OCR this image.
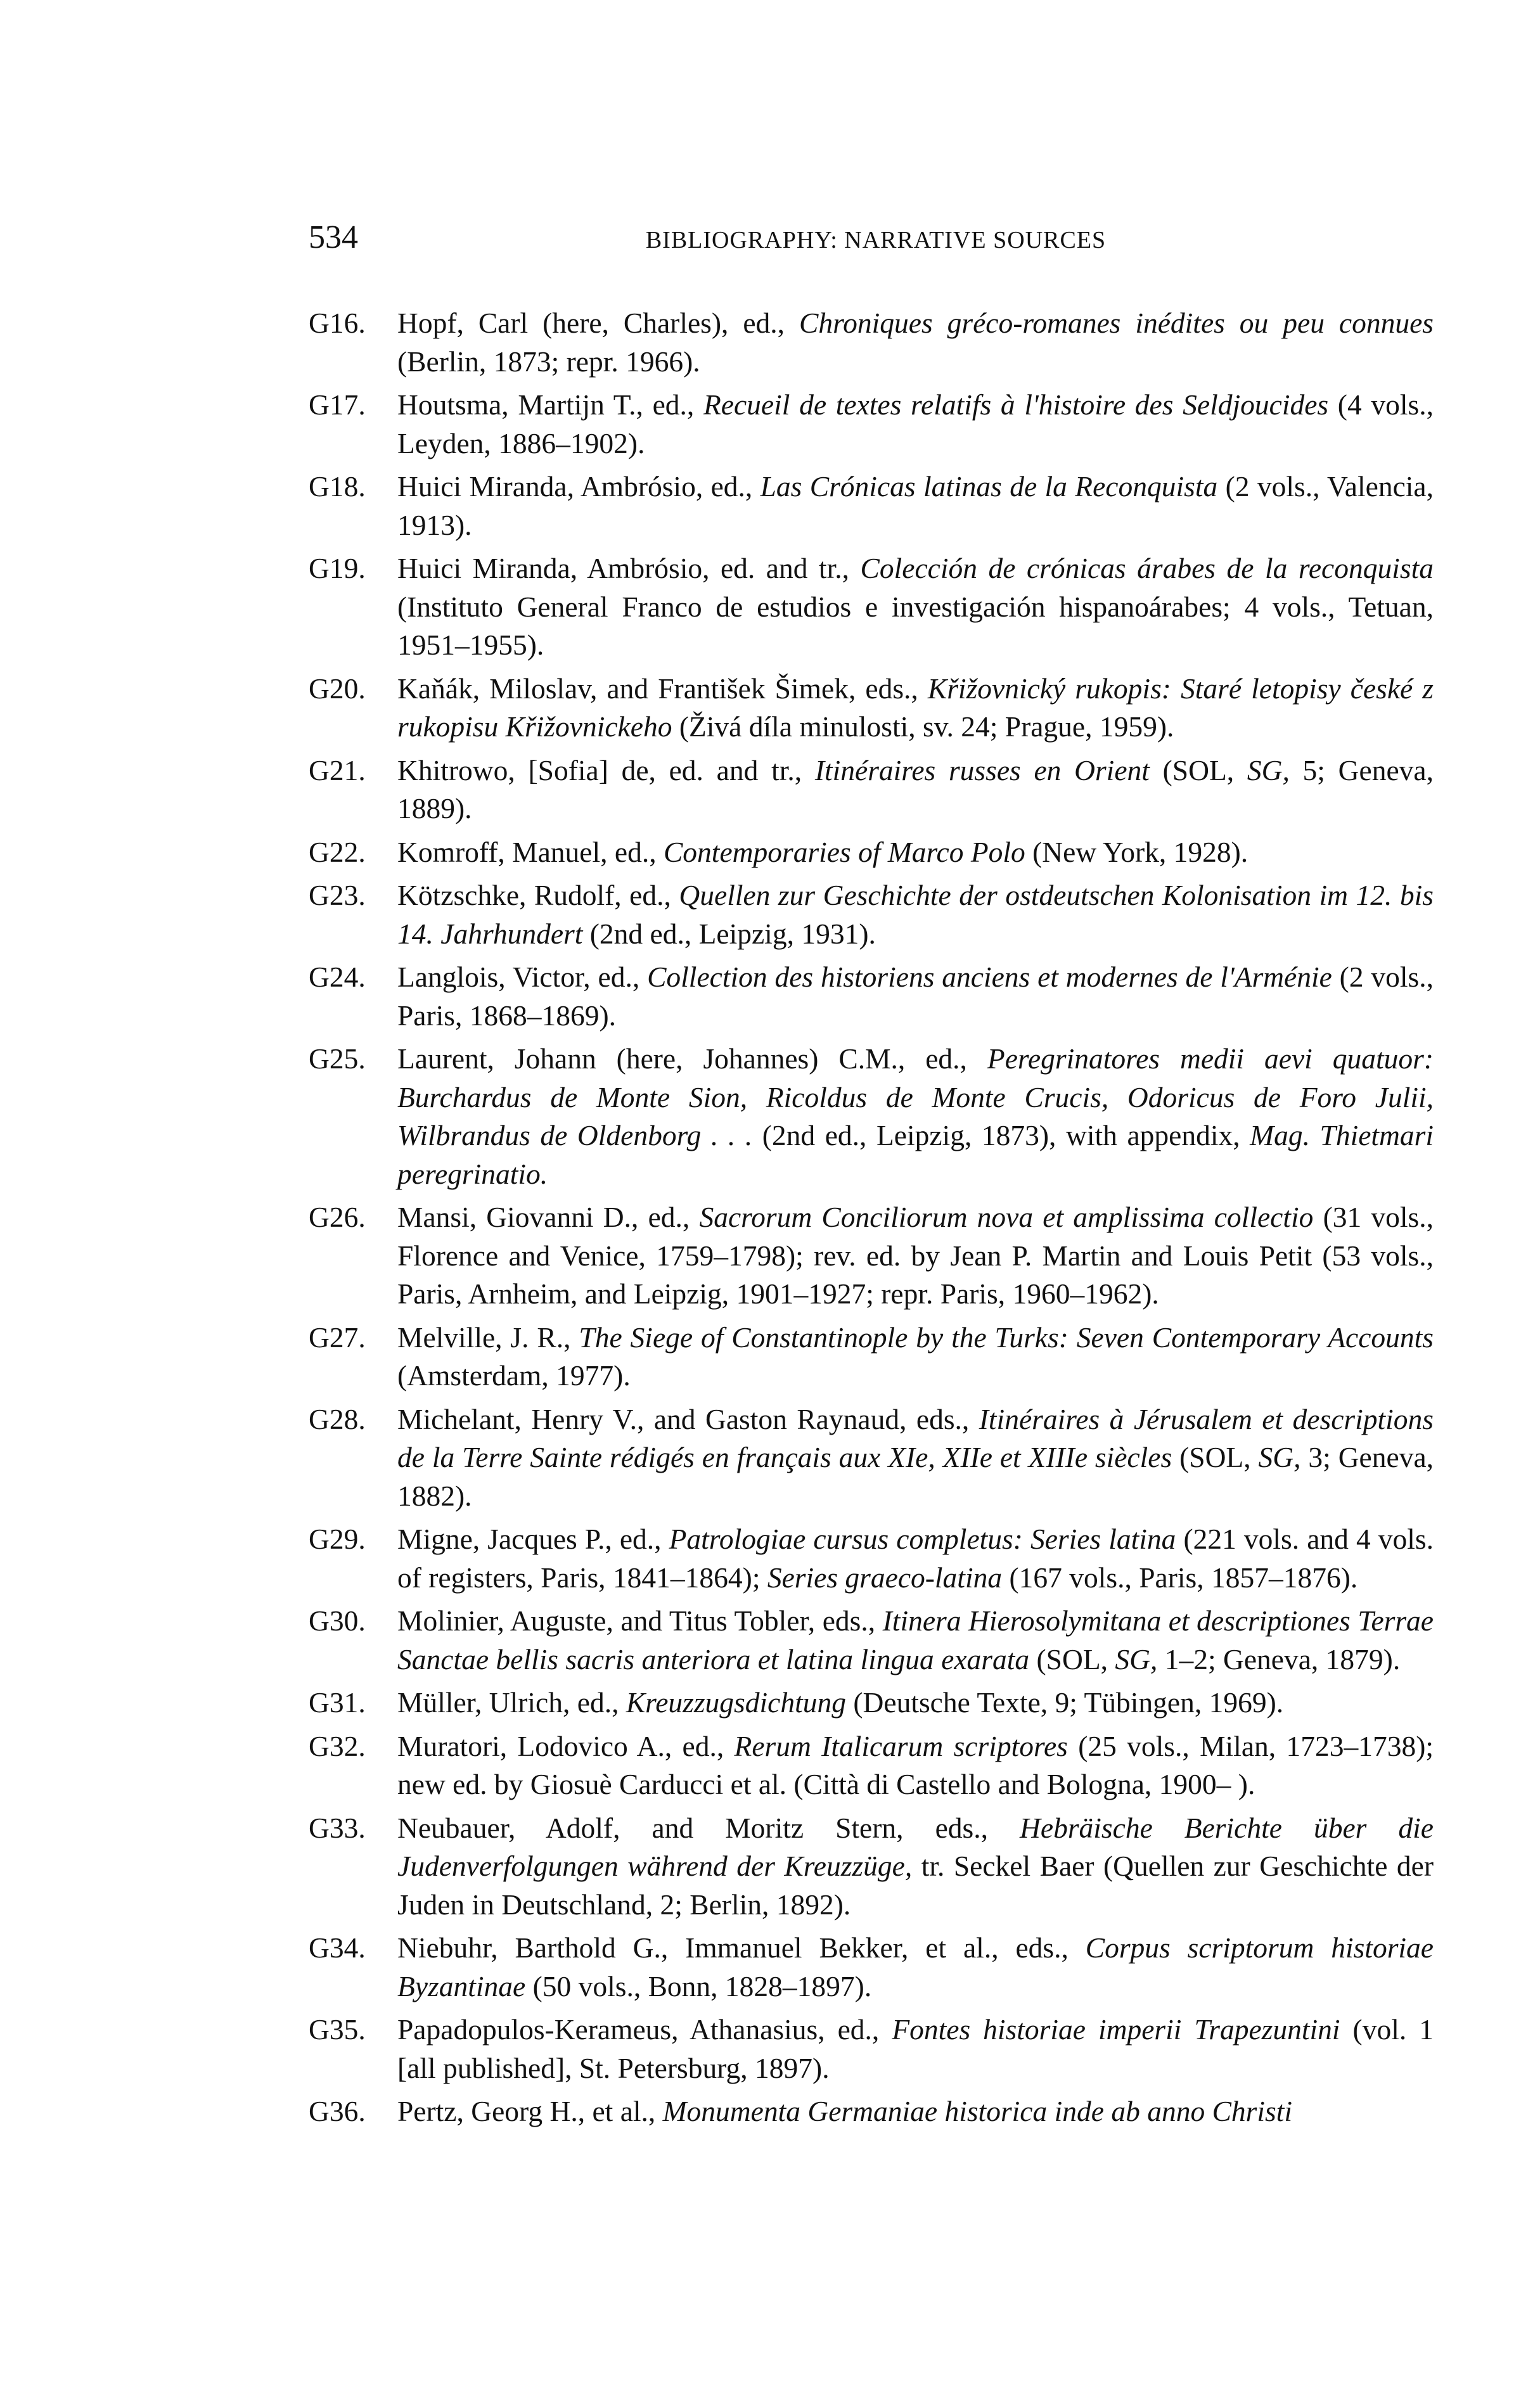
534	BIBLIOGRAPHY: NARRATIVE SOURCES
G16. Hopf, Carl (here, Charles), ed., Chroniques gréco-romanes inédites ou peu connues (Berlin, 1873; repr. 1966).
G17. Houtsma, Martijn T., ed., Recueil de textes relatifs à l'histoire des Seldjoucides (4 vols., Leyden, 1886–1902).
G18. Huici Miranda, Ambrósio, ed., Las Crónicas latinas de la Reconquista (2 vols., Valencia, 1913).
G19. Huici Miranda, Ambrósio, ed. and tr., Colección de crónicas árabes de la reconquista (Instituto General Franco de estudios e investigación hispanoárabes; 4 vols., Tetuan, 1951–1955).
G20. Kaňák, Miloslav, and František Šimek, eds., Křižovnický rukopis: Staré letopisy české z rukopisu Křižovnickeho (Živá díla minulosti, sv. 24; Prague, 1959).
G21. Khitrowo, [Sofia] de, ed. and tr., Itinéraires russes en Orient (SOL, SG, 5; Geneva, 1889).
G22. Komroff, Manuel, ed., Contemporaries of Marco Polo (New York, 1928).
G23. Kötzschke, Rudolf, ed., Quellen zur Geschichte der ostdeutschen Kolonisation im 12. bis 14. Jahrhundert (2nd ed., Leipzig, 1931).
G24. Langlois, Victor, ed., Collection des historiens anciens et modernes de l'Arménie (2 vols., Paris, 1868–1869).
G25. Laurent, Johann (here, Johannes) C.M., ed., Peregrinatores medii aevi quatuor: Burchardus de Monte Sion, Ricoldus de Monte Crucis, Odoricus de Foro Julii, Wilbrandus de Oldenborg . . . (2nd ed., Leipzig, 1873), with appendix, Mag. Thietmari peregrinatio.
G26. Mansi, Giovanni D., ed., Sacrorum Conciliorum nova et amplissima collectio (31 vols., Florence and Venice, 1759–1798); rev. ed. by Jean P. Martin and Louis Petit (53 vols., Paris, Arnheim, and Leipzig, 1901–1927; repr. Paris, 1960–1962).
G27. Melville, J. R., The Siege of Constantinople by the Turks: Seven Contemporary Accounts (Amsterdam, 1977).
G28. Michelant, Henry V., and Gaston Raynaud, eds., Itinéraires à Jérusalem et descriptions de la Terre Sainte rédigés en français aux XIe, XIIe et XIIIe siècles (SOL, SG, 3; Geneva, 1882).
G29. Migne, Jacques P., ed., Patrologiae cursus completus: Series latina (221 vols. and 4 vols. of registers, Paris, 1841–1864); Series graeco-latina (167 vols., Paris, 1857–1876).
G30. Molinier, Auguste, and Titus Tobler, eds., Itinera Hierosolymitana et descriptiones Terrae Sanctae bellis sacris anteriora et latina lingua exarata (SOL, SG, 1–2; Geneva, 1879).
G31. Müller, Ulrich, ed., Kreuzzugsdichtung (Deutsche Texte, 9; Tübingen, 1969).
G32. Muratori, Lodovico A., ed., Rerum Italicarum scriptores (25 vols., Milan, 1723–1738); new ed. by Giosuè Carducci et al. (Città di Castello and Bologna, 1900– ).
G33. Neubauer, Adolf, and Moritz Stern, eds., Hebräische Berichte über die Judenverfolgungen während der Kreuzzüge, tr. Seckel Baer (Quellen zur Geschichte der Juden in Deutschland, 2; Berlin, 1892).
G34. Niebuhr, Barthold G., Immanuel Bekker, et al., eds., Corpus scriptorum historiae Byzantinae (50 vols., Bonn, 1828–1897).
G35. Papadopulos-Kerameus, Athanasius, ed., Fontes historiae imperii Trapezuntini (vol. 1 [all published], St. Petersburg, 1897).
G36. Pertz, Georg H., et al., Monumenta Germaniae historica inde ab anno Christi
